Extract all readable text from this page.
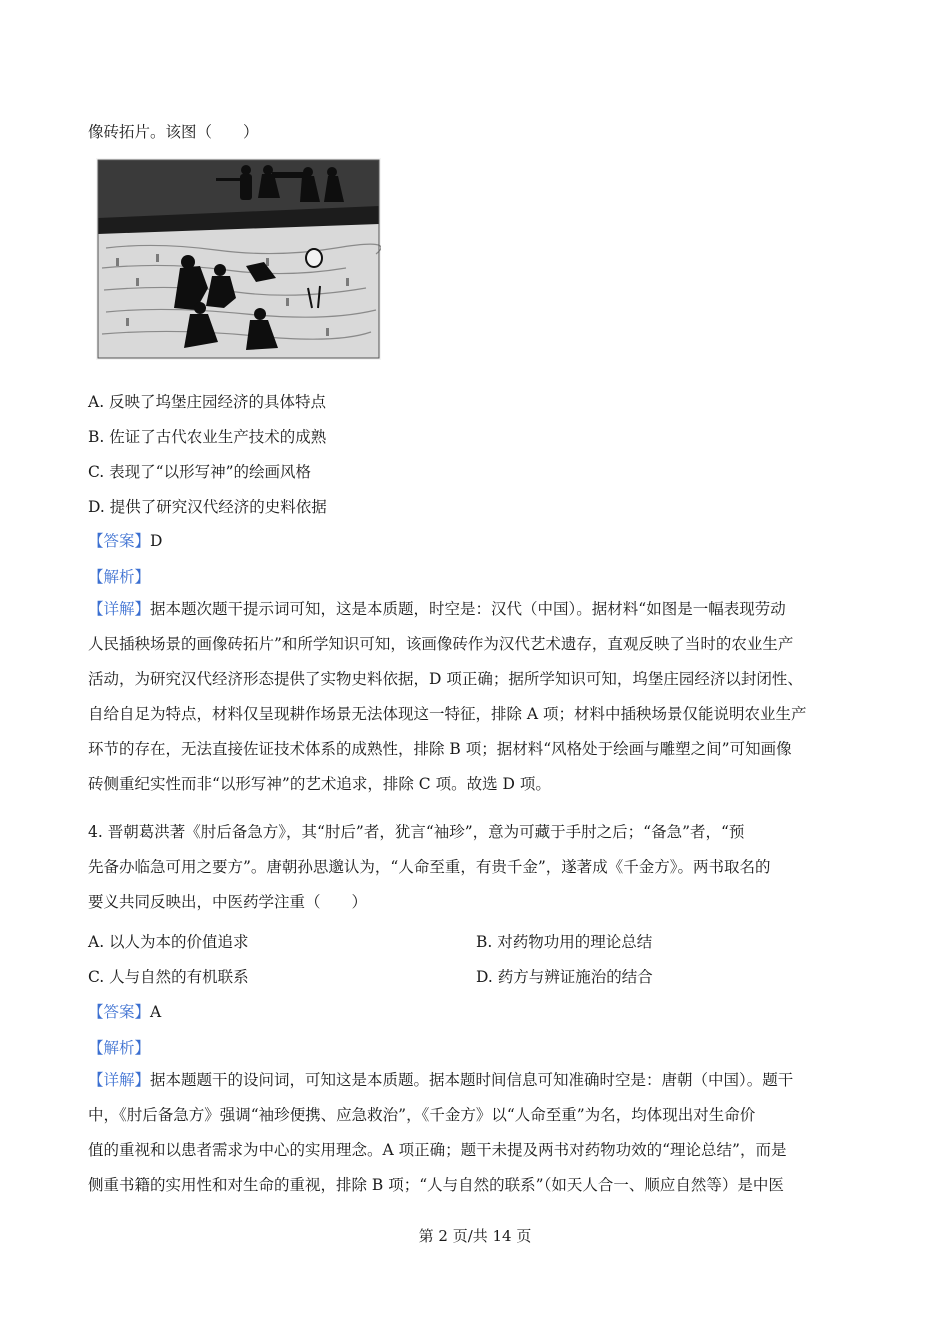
像砖拓片。该图（　　）
A. 反映了坞堡庄园经济的具体特点
B. 佐证了古代农业生产技术的成熟
C. 表现了“以形写神”的绘画风格
D. 提供了研究汉代经济的史料依据
【答案】D
【解析】
【详解】据本题次题干提示词可知，这是本质题，时空是：汉代（中国）。据材料“如图是一幅表现劳动
人民插秧场景的画像砖拓片”和所学知识可知，该画像砖作为汉代艺术遗存，直观反映了当时的农业生产
活动，为研究汉代经济形态提供了实物史料依据，D 项正确；据所学知识可知，坞堡庄园经济以封闭性、
自给自足为特点，材料仅呈现耕作场景无法体现这一特征，排除 A 项；材料中插秧场景仅能说明农业生产
环节的存在，无法直接佐证技术体系的成熟性，排除 B 项；据材料“风格处于绘画与雕塑之间”可知画像
砖侧重纪实性而非“以形写神”的艺术追求，排除 C 项。故选 D 项。
4. 晋朝葛洪著《肘后备急方》，其“肘后”者，犹言“袖珍”，意为可藏于手肘之后；“备急”者，“预
先备办临急可用之要方”。唐朝孙思邈认为，“人命至重，有贵千金”，遂著成《千金方》。两书取名的
要义共同反映出，中医药学注重（　　）
A. 以人为本的价值追求	B. 对药物功用的理论总结
C. 人与自然的有机联系	D. 药方与辨证施治的结合
【答案】A
【解析】
【详解】据本题题干的设问词，可知这是本质题。据本题时间信息可知准确时空是：唐朝（中国）。题干
中，《肘后备急方》强调“袖珍便携、应急救治”，《千金方》以“人命至重”为名，均体现出对生命价
值的重视和以患者需求为中心的实用理念。A 项正确；题干未提及两书对药物功效的“理论总结”，而是
侧重书籍的实用性和对生命的重视，排除 B 项；“人与自然的联系”（如天人合一、顺应自然等）是中医
第 2 页/共 14 页
